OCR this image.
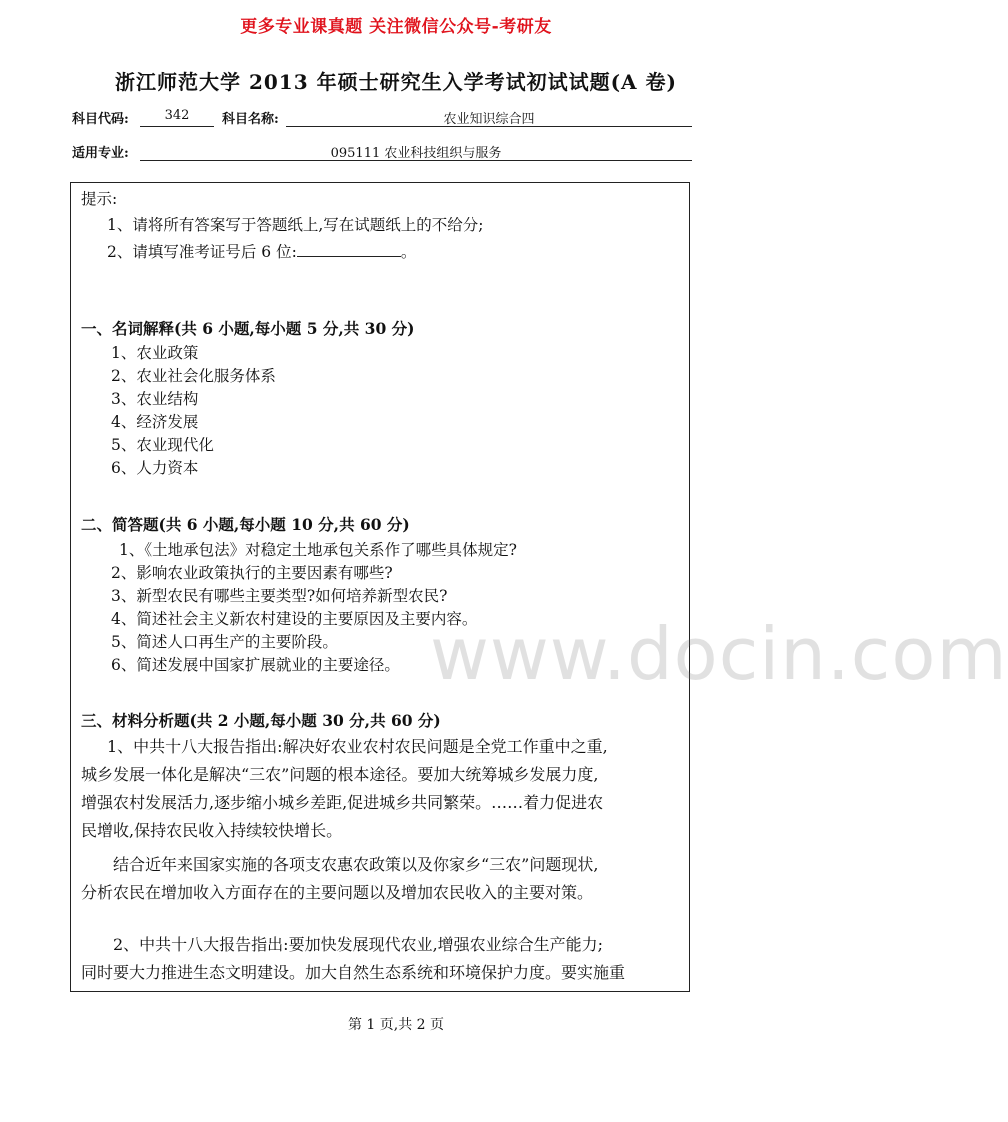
更多专业课真题 关注微信公众号-考研友
浙江师范大学 2013 年硕士研究生入学考试初试试题(A 卷)
科目代码:	342	科目名称:	农业知识综合四
适用专业:	095111 农业科技组织与服务
提示:
1、请将所有答案写于答题纸上,写在试题纸上的不给分;
2、请填写准考证号后 6 位:	。
一、名词解释(共 6 小题,每小题 5 分,共 30 分)
1、农业政策
2、农业社会化服务体系
3、农业结构
4、经济发展
5、农业现代化
6、人力资本
二、简答题(共 6 小题,每小题 10 分,共 60 分)
1、《土地承包法》对稳定土地承包关系作了哪些具体规定?
2、影响农业政策执行的主要因素有哪些?
3、新型农民有哪些主要类型?如何培养新型农民?
4、简述社会主义新农村建设的主要原因及主要内容。
5、简述人口再生产的主要阶段。
6、简述发展中国家扩展就业的主要途径。
三、材料分析题(共 2 小题,每小题 30 分,共 60 分)
1、中共十八大报告指出:解决好农业农村农民问题是全党工作重中之重,
城乡发展一体化是解决“三农”问题的根本途径。要加大统筹城乡发展力度,
增强农村发展活力,逐步缩小城乡差距,促进城乡共同繁荣。……着力促进农
民增收,保持农民收入持续较快增长。
结合近年来国家实施的各项支农惠农政策以及你家乡“三农”问题现状,
分析农民在增加收入方面存在的主要问题以及增加农民收入的主要对策。
2、中共十八大报告指出:要加快发展现代农业,增强农业综合生产能力;
同时要大力推进生态文明建设。加大自然生态系统和环境保护力度。要实施重
www.docin.com
第 1 页,共 2 页
